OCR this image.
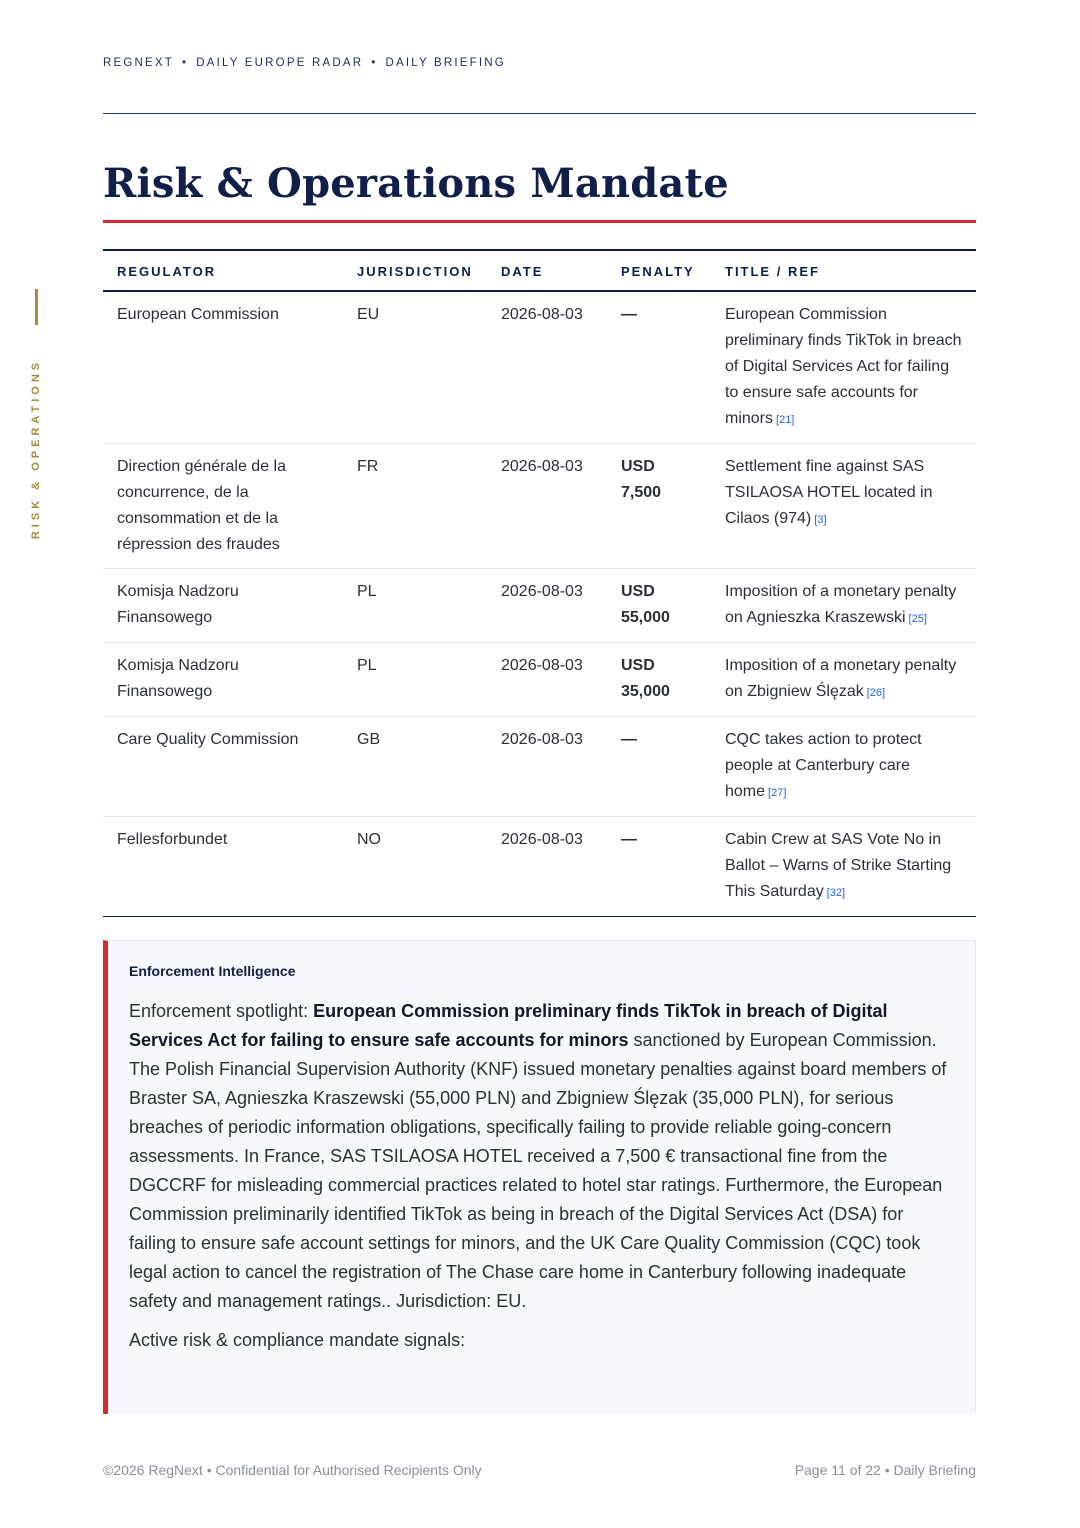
REGNEXT • DAILY EUROPE RADAR • DAILY BRIEFING
RISK & OPERATIONS
Risk & Operations Mandate
REGULATOR	JURISDICTION	DATE	PENALTY	TITLE / REF
European Commission	EU	2026-08-03	—	European Commission preliminary finds TikTok in breach of Digital Services Act for failing to ensure safe accounts for minors [21]
Direction générale de la concurrence, de la consommation et de la répression des fraudes	FR	2026-08-03	USD 7,500	Settlement fine against SAS TSILAOSA HOTEL located in Cilaos (974) [3]
Komisja Nadzoru Finansowego	PL	2026-08-03	USD 55,000	Imposition of a monetary penalty on Agnieszka Kraszewski [25]
Komisja Nadzoru Finansowego	PL	2026-08-03	USD 35,000	Imposition of a monetary penalty on Zbigniew Ślęzak [26]
Care Quality Commission	GB	2026-08-03	—	CQC takes action to protect people at Canterbury care home [27]
Fellesforbundet	NO	2026-08-03	—	Cabin Crew at SAS Vote No in Ballot – Warns of Strike Starting This Saturday [32]
Enforcement Intelligence

Enforcement spotlight: European Commission preliminary finds TikTok in breach of Digital Services Act for failing to ensure safe accounts for minors sanctioned by European Commission. The Polish Financial Supervision Authority (KNF) issued monetary penalties against board members of Braster SA, Agnieszka Kraszewski (55,000 PLN) and Zbigniew Ślęzak (35,000 PLN), for serious breaches of periodic information obligations, specifically failing to provide reliable going-concern assessments. In France, SAS TSILAOSA HOTEL received a 7,500 € transactional fine from the DGCCRF for misleading commercial practices related to hotel star ratings. Furthermore, the European Commission preliminarily identified TikTok as being in breach of the Digital Services Act (DSA) for failing to ensure safe account settings for minors, and the UK Care Quality Commission (CQC) took legal action to cancel the registration of The Chase care home in Canterbury following inadequate safety and management ratings.. Jurisdiction: EU.

Active risk & compliance mandate signals:

©2026 RegNext • Confidential for Authorised Recipients Only	Page 11 of 22 • Daily Briefing
